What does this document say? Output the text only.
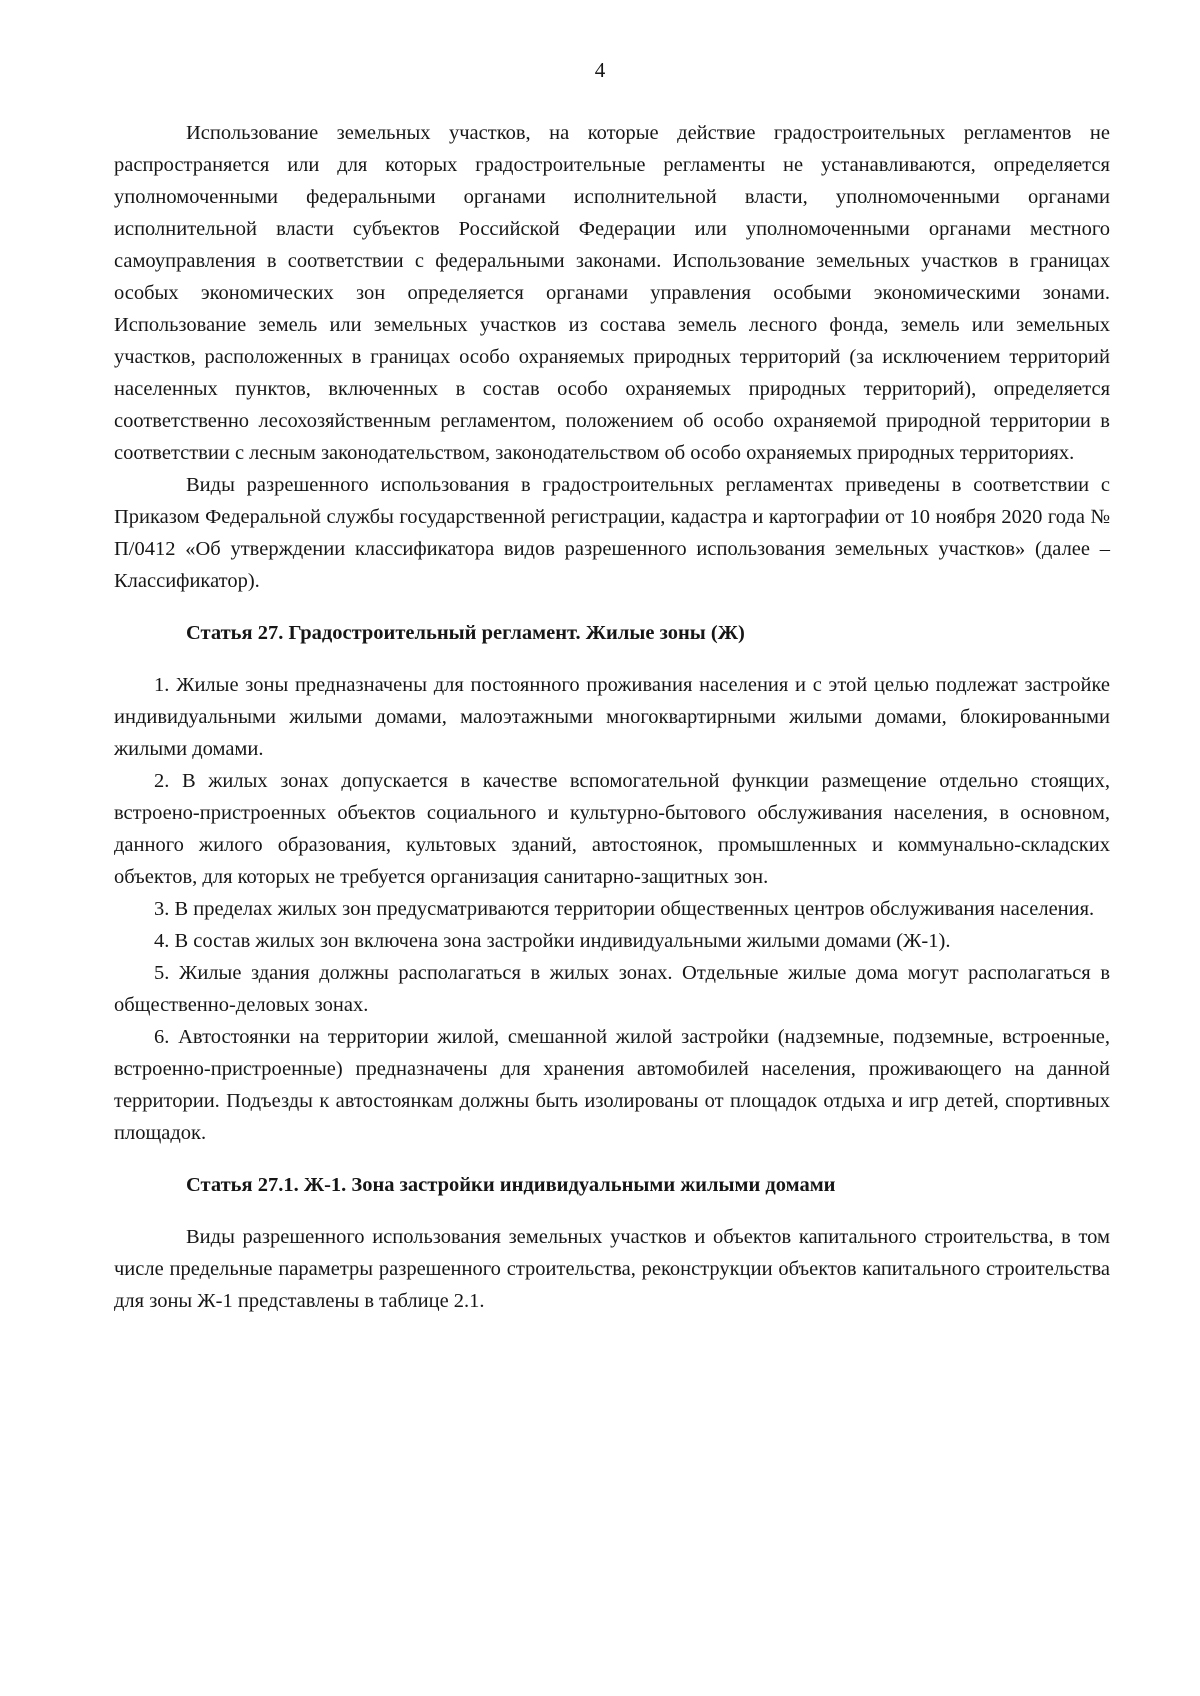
4

Использование земельных участков, на которые действие градостроительных регламентов не распространяется или для которых градостроительные регламенты не устанавливаются, определяется уполномоченными федеральными органами исполнительной власти, уполномоченными органами исполнительной власти субъектов Российской Федерации или уполномоченными органами местного самоуправления в соответствии с федеральными законами. Использование земельных участков в границах особых экономических зон определяется органами управления особыми экономическими зонами. Использование земель или земельных участков из состава земель лесного фонда, земель или земельных участков, расположенных в границах особо охраняемых природных территорий (за исключением территорий населенных пунктов, включенных в состав особо охраняемых природных территорий), определяется соответственно лесохозяйственным регламентом, положением об особо охраняемой природной территории в соответствии с лесным законодательством, законодательством об особо охраняемых природных территориях.

Виды разрешенного использования в градостроительных регламентах приведены в соответствии с Приказом Федеральной службы государственной регистрации, кадастра и картографии от 10 ноября 2020 года № П/0412 «Об утверждении классификатора видов разрешенного использования земельных участков» (далее – Классификатор).

Статья 27. Градостроительный регламент. Жилые зоны (Ж)

1. Жилые зоны предназначены для постоянного проживания населения и с этой целью подлежат застройке индивидуальными жилыми домами, малоэтажными многоквартирными жилыми домами, блокированными жилыми домами.

2. В жилых зонах допускается в качестве вспомогательной функции размещение отдельно стоящих, встроено-пристроенных объектов социального и культурно-бытового обслуживания населения, в основном, данного жилого образования, культовых зданий, автостоянок, промышленных и коммунально-складских объектов, для которых не требуется организация санитарно-защитных зон.

3. В пределах жилых зон предусматриваются территории общественных центров обслуживания населения.

4. В состав жилых зон включена зона застройки индивидуальными жилыми домами (Ж-1).

5. Жилые здания должны располагаться в жилых зонах. Отдельные жилые дома могут располагаться в общественно-деловых зонах.

6. Автостоянки на территории жилой, смешанной жилой застройки (надземные, подземные, встроенные, встроенно-пристроенные) предназначены для хранения автомобилей населения, проживающего на данной территории. Подъезды к автостоянкам должны быть изолированы от площадок отдыха и игр детей, спортивных площадок.

Статья 27.1. Ж-1. Зона застройки индивидуальными жилыми домами

Виды разрешенного использования земельных участков и объектов капитального строительства, в том числе предельные параметры разрешенного строительства, реконструкции объектов капитального строительства для зоны Ж-1 представлены в таблице 2.1.
